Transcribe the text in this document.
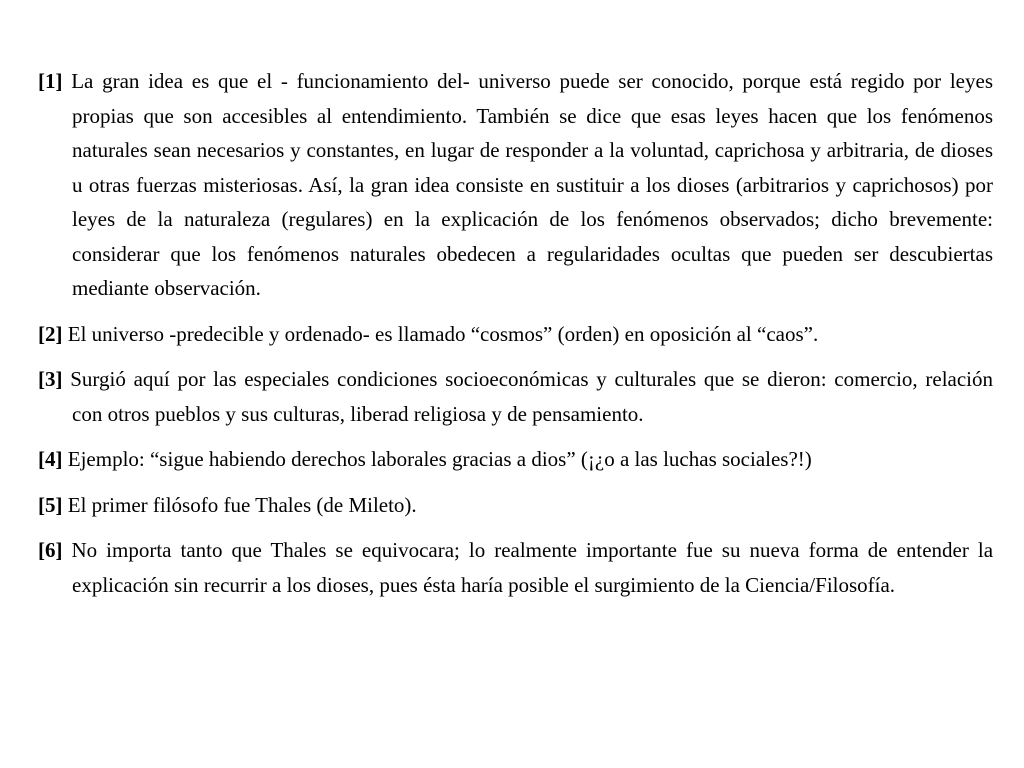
[1] La gran idea es que el - funcionamiento del- universo puede ser conocido, porque está regido por leyes propias que son accesibles al entendimiento. También se dice que esas leyes hacen que los fenómenos naturales sean necesarios y constantes, en lugar de responder a la voluntad, caprichosa y arbitraria, de dioses u otras fuerzas misteriosas. Así, la gran idea consiste en sustituir a los dioses (arbitrarios y caprichosos) por leyes de la naturaleza (regulares) en la explicación de los fenómenos observados; dicho brevemente: considerar que los fenómenos naturales obedecen a regularidades ocultas que pueden ser descubiertas mediante observación.

[2] El universo -predecible y ordenado- es llamado “cosmos” (orden) en oposición al “caos”.

[3] Surgió aquí por las especiales condiciones socioeconómicas y culturales que se dieron: comercio, relación con otros pueblos y sus culturas, liberad religiosa y de pensamiento.

[4] Ejemplo: “sigue habiendo derechos laborales gracias a dios” (¡¿o a las luchas sociales?!)

[5] El primer filósofo fue Thales (de Mileto).

[6] No importa tanto que Thales se equivocara; lo realmente importante fue su nueva forma de entender la explicación sin recurrir a los dioses, pues ésta haría posible el surgimiento de la Ciencia/Filosofía.
